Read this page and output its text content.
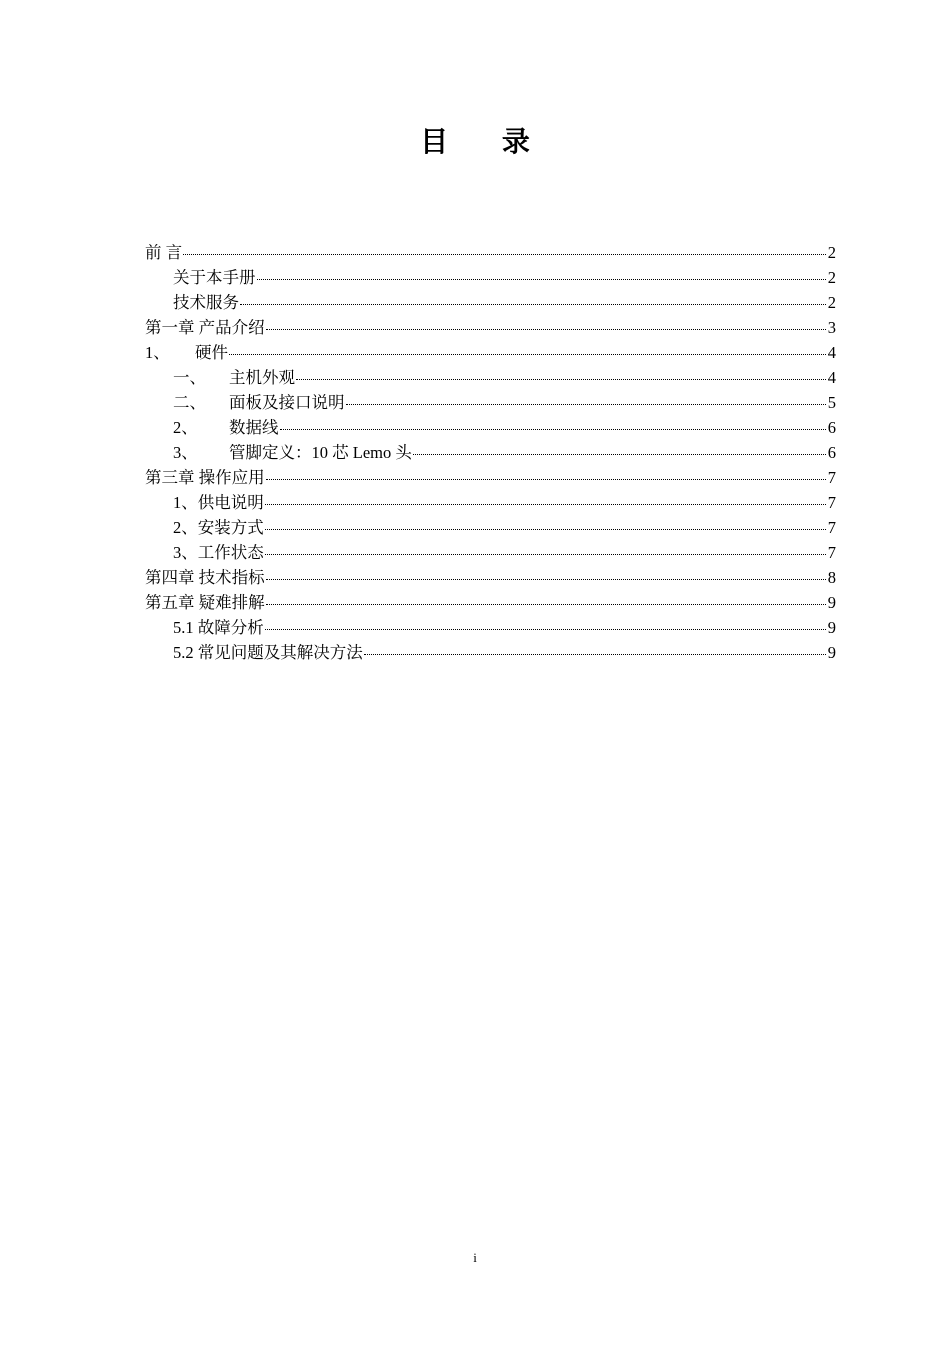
目 录
前 言	2
关于本手册	2
技术服务	2
第一章 产品介绍	3
1、 硬件	4
一、 主机外观	4
二、 面板及接口说明	5
2、 数据线	6
3、 管脚定义：10 芯 Lemo 头	6
第三章 操作应用	7
1、供电说明	7
2、安装方式	7
3、工作状态	7
第四章 技术指标	8
第五章 疑难排解	9
5.1 故障分析	9
5.2 常见问题及其解决方法	9
i
